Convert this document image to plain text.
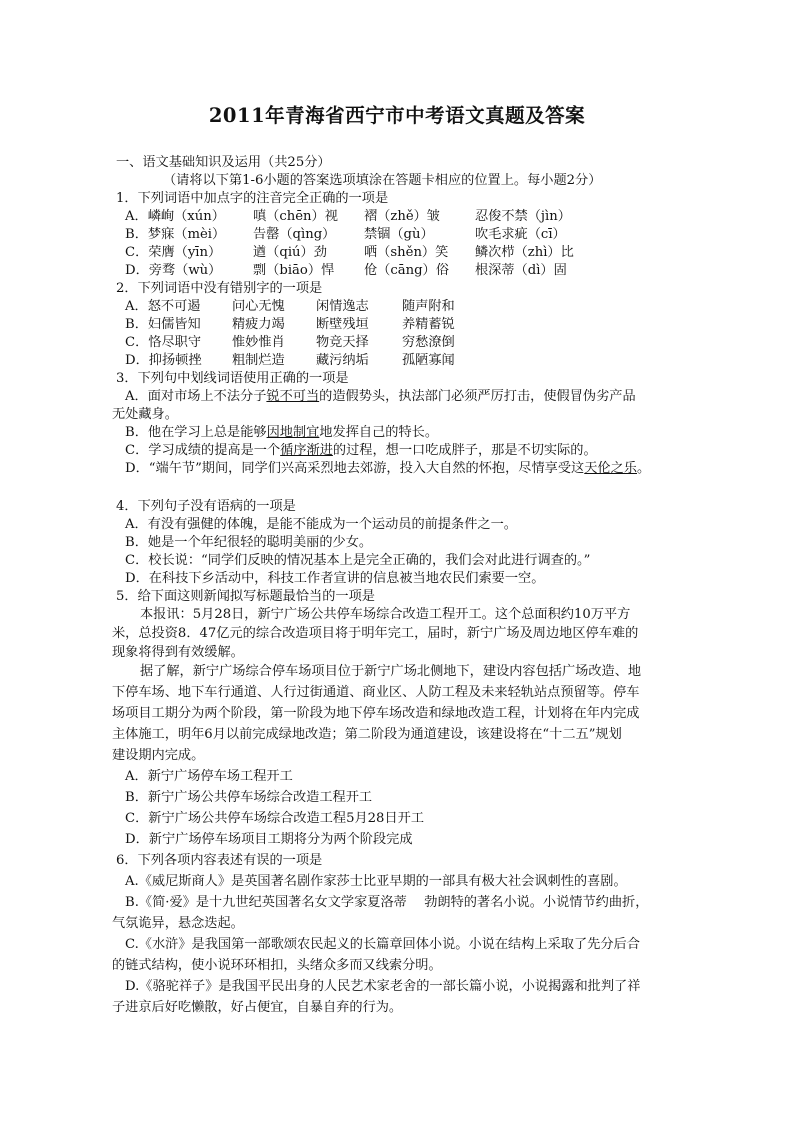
2011年青海省西宁市中考语文真题及答案
一、语文基础知识及运用（共25分）
（请将以下第1-6小题的答案选项填涂在答题卡相应的位置上。每小题2分）
1．下列词语中加点字的注音完全正确的一项是
A．嶙峋（xún） 嗔（chēn）视 褶（zhě）皱	忍俊不禁（jìn）
B．梦寐（mèi） 告罄（qìng） 禁锢（gù）	吹毛求疵（cī）
C．荣膺（yīn） 遒（qiú）劲	哂（shěn）笑 鳞次栉（zhì）比
D．旁骛（wù） 剽（biāo）悍 伧（cāng）俗 根深蒂（dì）固
2．下列词语中没有错别字的一项是
A．怒不可遏 问心无愧 闲情逸志	随声附和
B．妇儒皆知 精疲力竭 断壁残垣	养精蓄锐
C．恪尽职守 惟妙惟肖 物竞天择	穷愁潦倒
D．抑扬顿挫 粗制烂造 藏污纳垢	孤陋寡闻
3．下列句中划线词语使用正确的一项是
A．面对市场上不法分子锐不可当的造假势头，执法部门必须严厉打击，使假冒伪劣产品
无处藏身。
B．他在学习上总是能够因地制宜地发挥自己的特长。
C．学习成绩的提高是一个循序渐进的过程，想一口吃成胖子，那是不切实际的。
D．“端午节”期间，同学们兴高采烈地去郊游，投入大自然的怀抱，尽情享受这天伦之乐。
4．下列句子没有语病的一项是
A．有没有强健的体魄，是能不能成为一个运动员的前提条件之一。
B．她是一个年纪很轻的聪明美丽的少女。
C．校长说：“同学们反映的情况基本上是完全正确的，我们会对此进行调查的。”
D．在科技下乡活动中，科技工作者宣讲的信息被当地农民们索要一空。
5．给下面这则新闻拟写标题最恰当的一项是
本报讯：5月28日，新宁广场公共停车场综合改造工程开工。这个总面积约10万平方
米，总投资8．47亿元的综合改造项目将于明年完工，届时，新宁广场及周边地区停车难的
现象将得到有效缓解。
据了解，新宁广场综合停车场项目位于新宁广场北侧地下，建设内容包括广场改造、地
下停车场、地下车行通道、人行过街通道、商业区、人防工程及未来轻轨站点预留等。停车
场项目工期分为两个阶段，第一阶段为地下停车场改造和绿地改造工程，计划将在年内完成
主体施工，明年6月以前完成绿地改造；第二阶段为通道建设，该建设将在“十二五”规划
建设期内完成。
A．新宁广场停车场工程开工
B．新宁广场公共停车场综合改造工程开工
C．新宁广场公共停车场综合改造工程5月28日开工
D．新宁广场停车场项目工期将分为两个阶段完成
6．下列各项内容表述有误的一项是
A.《威尼斯商人》是英国著名剧作家莎士比亚早期的一部具有极大社会讽刺性的喜剧。
B.《简·爱》是十九世纪英国著名女文学家夏洛蒂　 勃朗特的著名小说。小说情节约曲折，
气氛诡异，悬念迭起。
C.《水浒》是我国第一部歌颂农民起义的长篇章回体小说。小说在结构上采取了先分后合
的链式结构，使小说环环相扣，头绪众多而又线索分明。
D.《骆驼祥子》是我国平民出身的人民艺术家老舍的一部长篇小说，小说揭露和批判了祥
子进京后好吃懒散，好占便宜，自暴自弃的行为。
